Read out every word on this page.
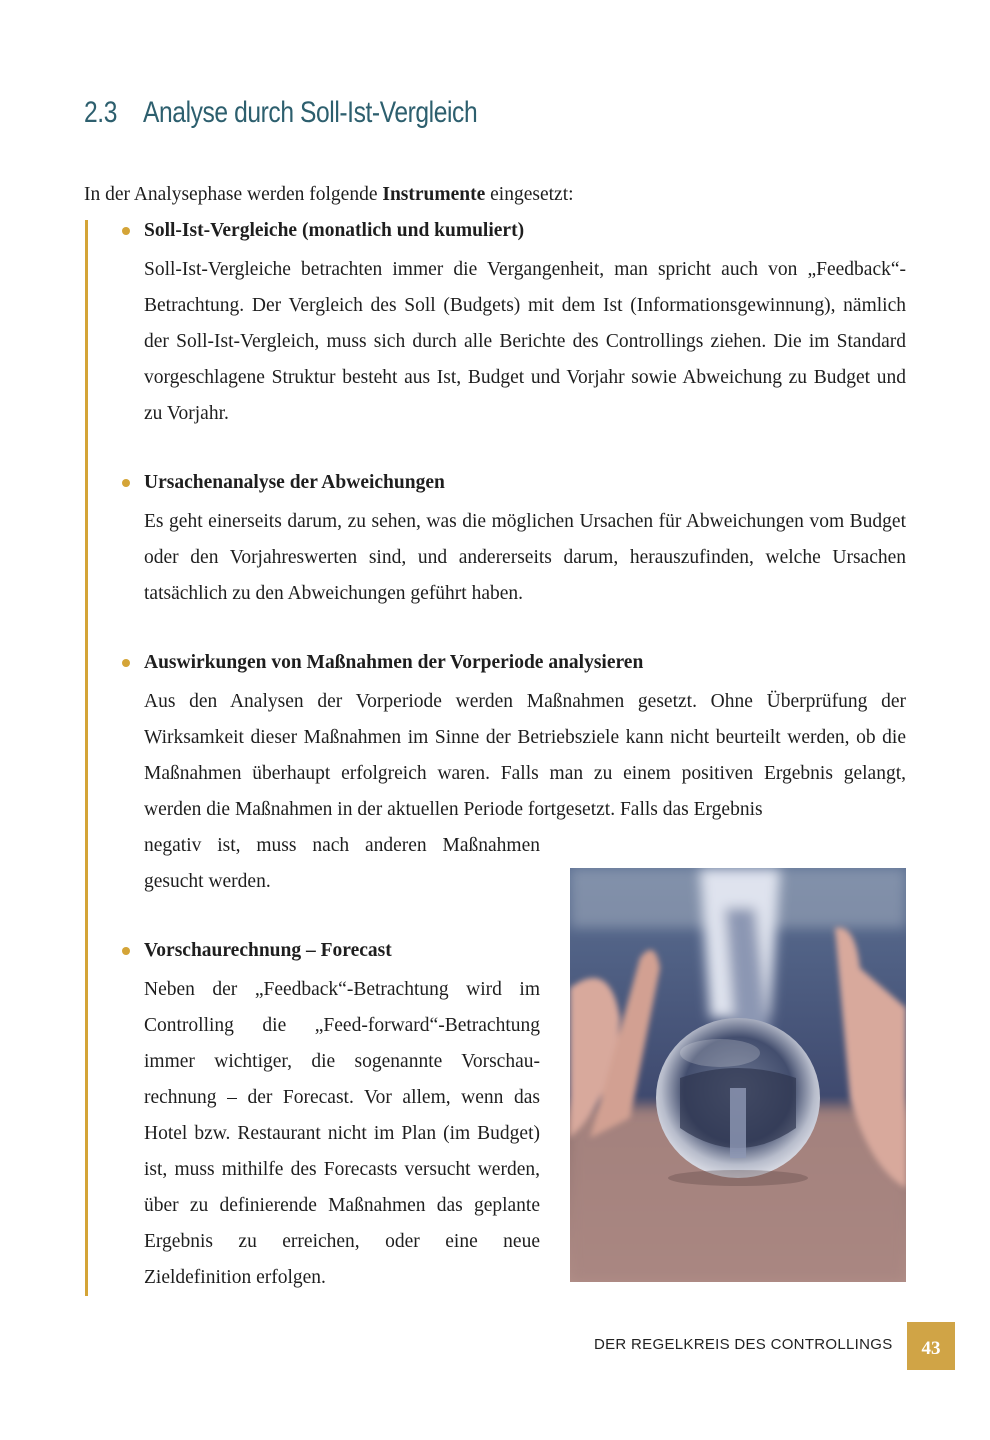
2.3 Analyse durch Soll-Ist-Vergleich
In der Analysephase werden folgende Instrumente eingesetzt:
Soll-Ist-Vergleiche (monatlich und kumuliert)
Soll-Ist-Vergleiche betrachten immer die Vergangenheit, man spricht auch von „Feedback“-Betrachtung. Der Vergleich des Soll (Budgets) mit dem Ist (Informationsgewinnung), nämlich der Soll-Ist-Vergleich, muss sich durch alle Berichte des Controllings ziehen. Die im Standard vorgeschlagene Struktur besteht aus Ist, Budget und Vorjahr sowie Abweichung zu Budget und zu Vorjahr.
Ursachenanalyse der Abweichungen
Es geht einerseits darum, zu sehen, was die möglichen Ursachen für Abweichungen vom Budget oder den Vorjahreswerten sind, und andererseits darum, herauszufinden, welche Ursachen tatsächlich zu den Abweichungen geführt haben.
Auswirkungen von Maßnahmen der Vorperiode analysieren
Aus den Analysen der Vorperiode werden Maßnahmen gesetzt. Ohne Überprüfung der Wirksamkeit dieser Maßnahmen im Sinne der Betriebsziele kann nicht beurteilt werden, ob die Maßnahmen überhaupt erfolgreich waren. Falls man zu einem positiven Ergebnis gelangt, werden die Maßnahmen in der aktuellen Periode fortgesetzt. Falls das Ergebnis
negativ ist, muss nach anderen Maßnahmen
gesucht werden.
Vorschaurechnung – Forecast
Neben der „Feedback“-Betrachtung wird im Controlling die „Feed-forward“-Betrachtung immer wichtiger, die sogenannte Vorschaurechnung – der Forecast. Vor allem, wenn das Hotel bzw. Restaurant nicht im Plan (im Budget) ist, muss mithilfe des Forecasts versucht werden, über zu definierende Maßnahmen das geplante Ergebnis zu erreichen, oder eine neue Zieldefinition erfolgen.
DER REGELKREIS DES CONTROLLINGS	43
